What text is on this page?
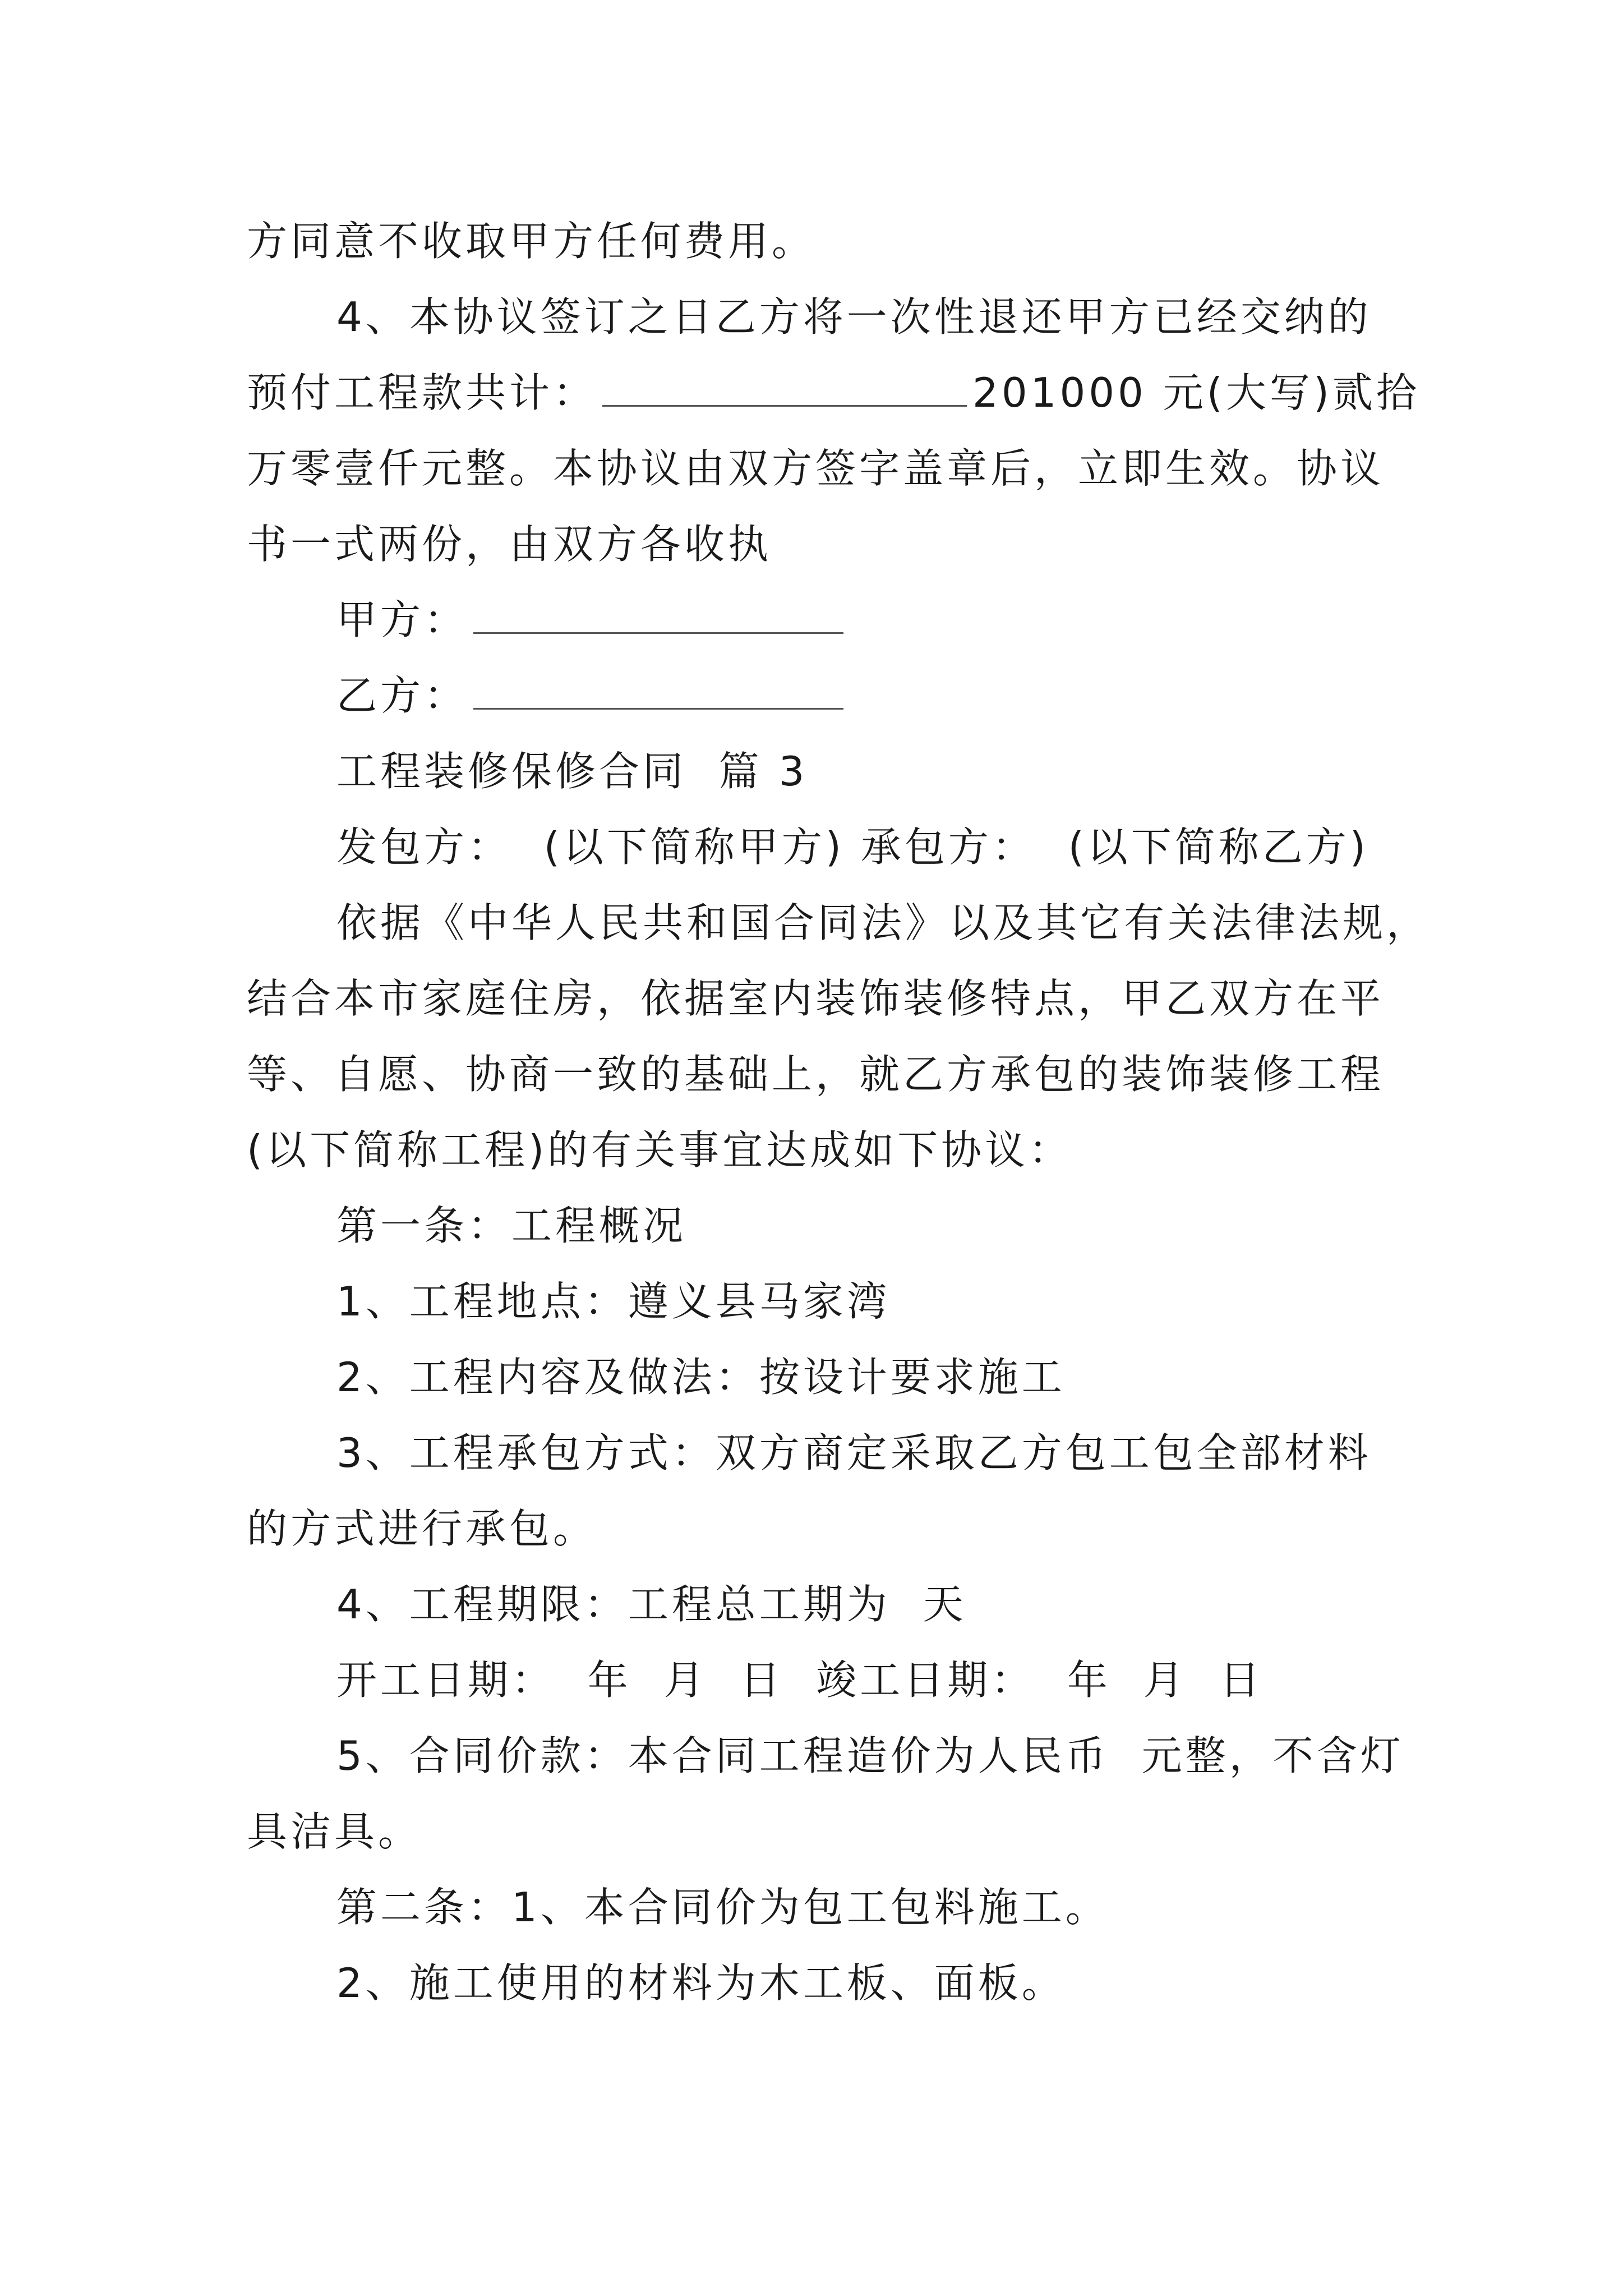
方同意不收取甲方任何费用。
4、本协议签订之日乙方将一次性退还甲方已经交纳的
预付工程款共计：	201000 元(大写)贰拾
万零壹仟元整。本协议由双方签字盖章后，立即生效。协议
书一式两份，由双方各收执
甲方：
乙方：
工程装修保修合同  篇 3
发包方：  (以下简称甲方) 承包方：  (以下简称乙方)
依据《中华人民共和国合同法》以及其它有关法律法规，
结合本市家庭住房，依据室内装饰装修特点，甲乙双方在平
等、自愿、协商一致的基础上，就乙方承包的装饰装修工程
(以下简称工程)的有关事宜达成如下协议：
第一条：工程概况
1、工程地点：遵义县马家湾
2、工程内容及做法：按设计要求施工
3、工程承包方式：双方商定采取乙方包工包全部材料
的方式进行承包。
4、工程期限：工程总工期为  天
开工日期：  年  月  日  竣工日期：  年  月  日
5、合同价款：本合同工程造价为人民币  元整，不含灯
具洁具。
第二条：1、本合同价为包工包料施工。
2、施工使用的材料为木工板、面板。
